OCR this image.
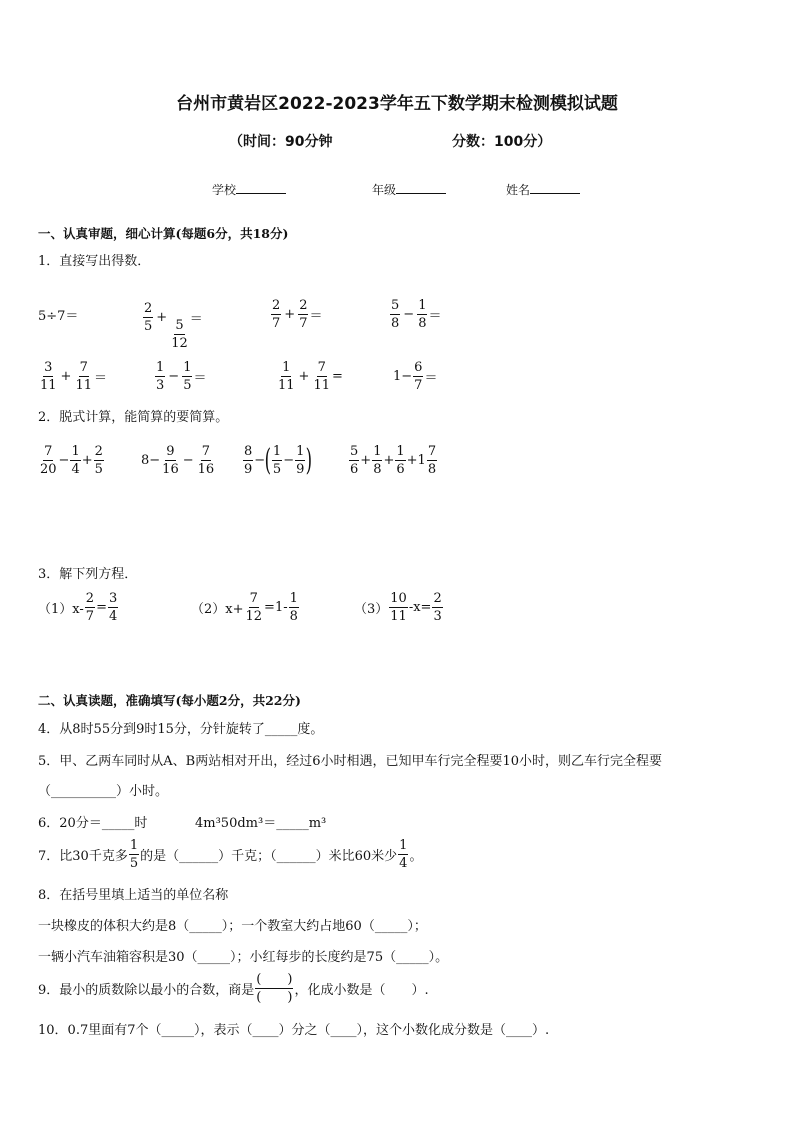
台州市黄岩区2022-2023学年五下数学期末检测模拟试题
（时间：90分钟	分数：100分）
学校	年级	姓名
一、认真审题，细心计算(每题6分，共18分)
1．直接写出得数．
5÷7＝	$\frac{2}{5} + \frac{5}{12}$ ＝	$\frac{2}{7} + \frac{2}{7}$ ＝	$\frac{5}{8} - \frac{1}{8}$ ＝
$\frac{3}{11} + \frac{7}{11}$ ＝	$\frac{1}{3} - \frac{1}{5}$ ＝	$\frac{1}{11} + \frac{7}{11}$ =	$1- \frac{6}{7}$ ＝
2．脱式计算，能简算的要简算。
$\frac{7}{20} - \frac{1}{4} + \frac{2}{5}$	$8- \frac{9}{16} - \frac{7}{16} \frac{8}{9}$ − ( $\frac{1}{5} - \frac{1}{9}$ )	$\frac{5}{6} + \frac{1}{8} + \frac{1}{6} +1 \frac{7}{8}$
3．解下列方程．
$(1)x- \frac{2}{7} = \frac{3}{4}$	$(2)x+ \frac{7}{12} =1- \frac{1}{8}$	$(3) \frac{10}{11} -x= \frac{2}{3}$
二、认真读题，准确填写(每小题2分，共22分)
4．从8时55分到9时15分，分针旋转了_____度。
5．甲、乙两车同时从A、B两站相对开出，经过6小时相遇，已知甲车行完全程要10小时，则乙车行完全程要
（__________）小时。
6．20分＝_____时	4m³50dm³＝_____m³
7．比30千克多 $\frac{1}{5}$ 的是（______）千克；（______）米比60米少 $\frac{1}{4}$ 。
8．在括号里填上适当的单位名称
一块橡皮的体积大约是8（_____）；一个教室大约占地60（_____）；
一辆小汽车油箱容积是30（_____）；小红每步的长度约是75（_____）。
9．最小的质数除以最小的合数，商是 $\frac{( )}{( )}$ ，化成小数是（　　）.
10．0.7里面有7个（_____），表示（____）分之（____），这个小数化成分数是（____）.
